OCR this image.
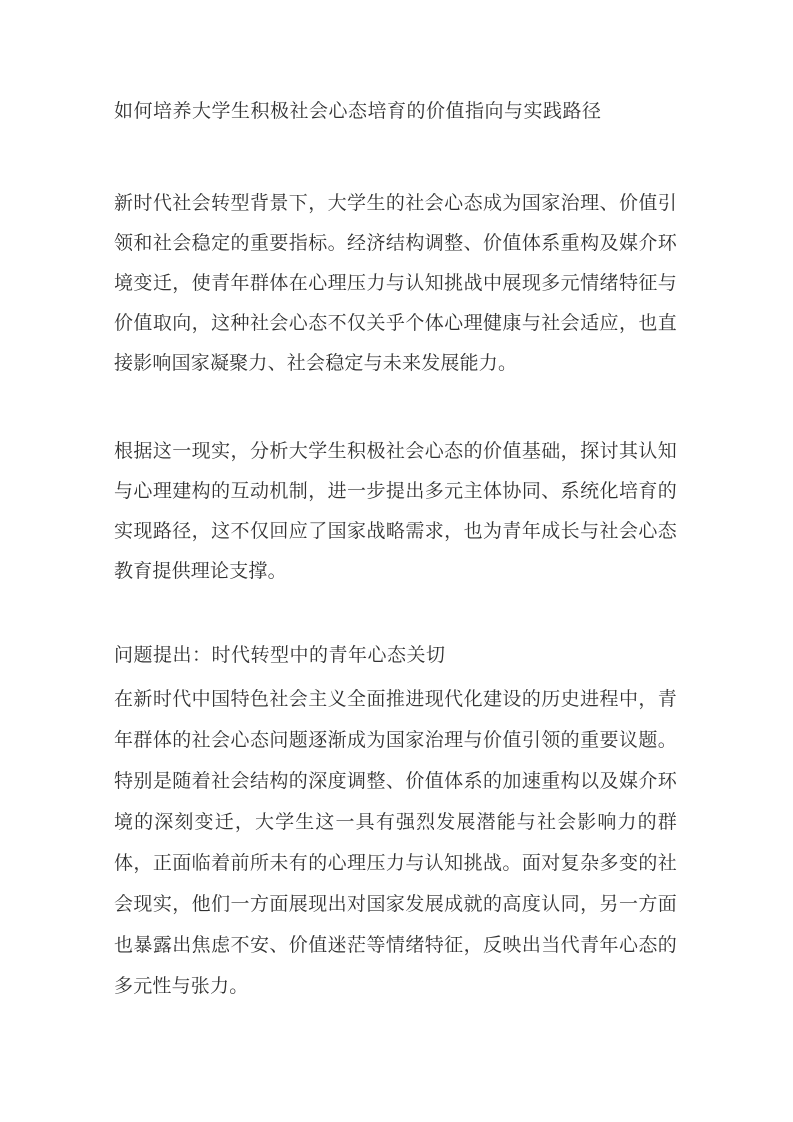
如何培养大学生积极社会心态培育的价值指向与实践路径

新时代社会转型背景下，大学生的社会心态成为国家治理、价值引领和社会稳定的重要指标。经济结构调整、价值体系重构及媒介环境变迁，使青年群体在心理压力与认知挑战中展现多元情绪特征与价值取向，这种社会心态不仅关乎个体心理健康与社会适应，也直接影响国家凝聚力、社会稳定与未来发展能力。

根据这一现实，分析大学生积极社会心态的价值基础，探讨其认知与心理建构的互动机制，进一步提出多元主体协同、系统化培育的实现路径，这不仅回应了国家战略需求，也为青年成长与社会心态教育提供理论支撑。

问题提出：时代转型中的青年心态关切

在新时代中国特色社会主义全面推进现代化建设的历史进程中，青年群体的社会心态问题逐渐成为国家治理与价值引领的重要议题。特别是随着社会结构的深度调整、价值体系的加速重构以及媒介环境的深刻变迁，大学生这一具有强烈发展潜能与社会影响力的群体，正面临着前所未有的心理压力与认知挑战。面对复杂多变的社会现实，他们一方面展现出对国家发展成就的高度认同，另一方面也暴露出焦虑不安、价值迷茫等情绪特征，反映出当代青年心态的多元性与张力。
